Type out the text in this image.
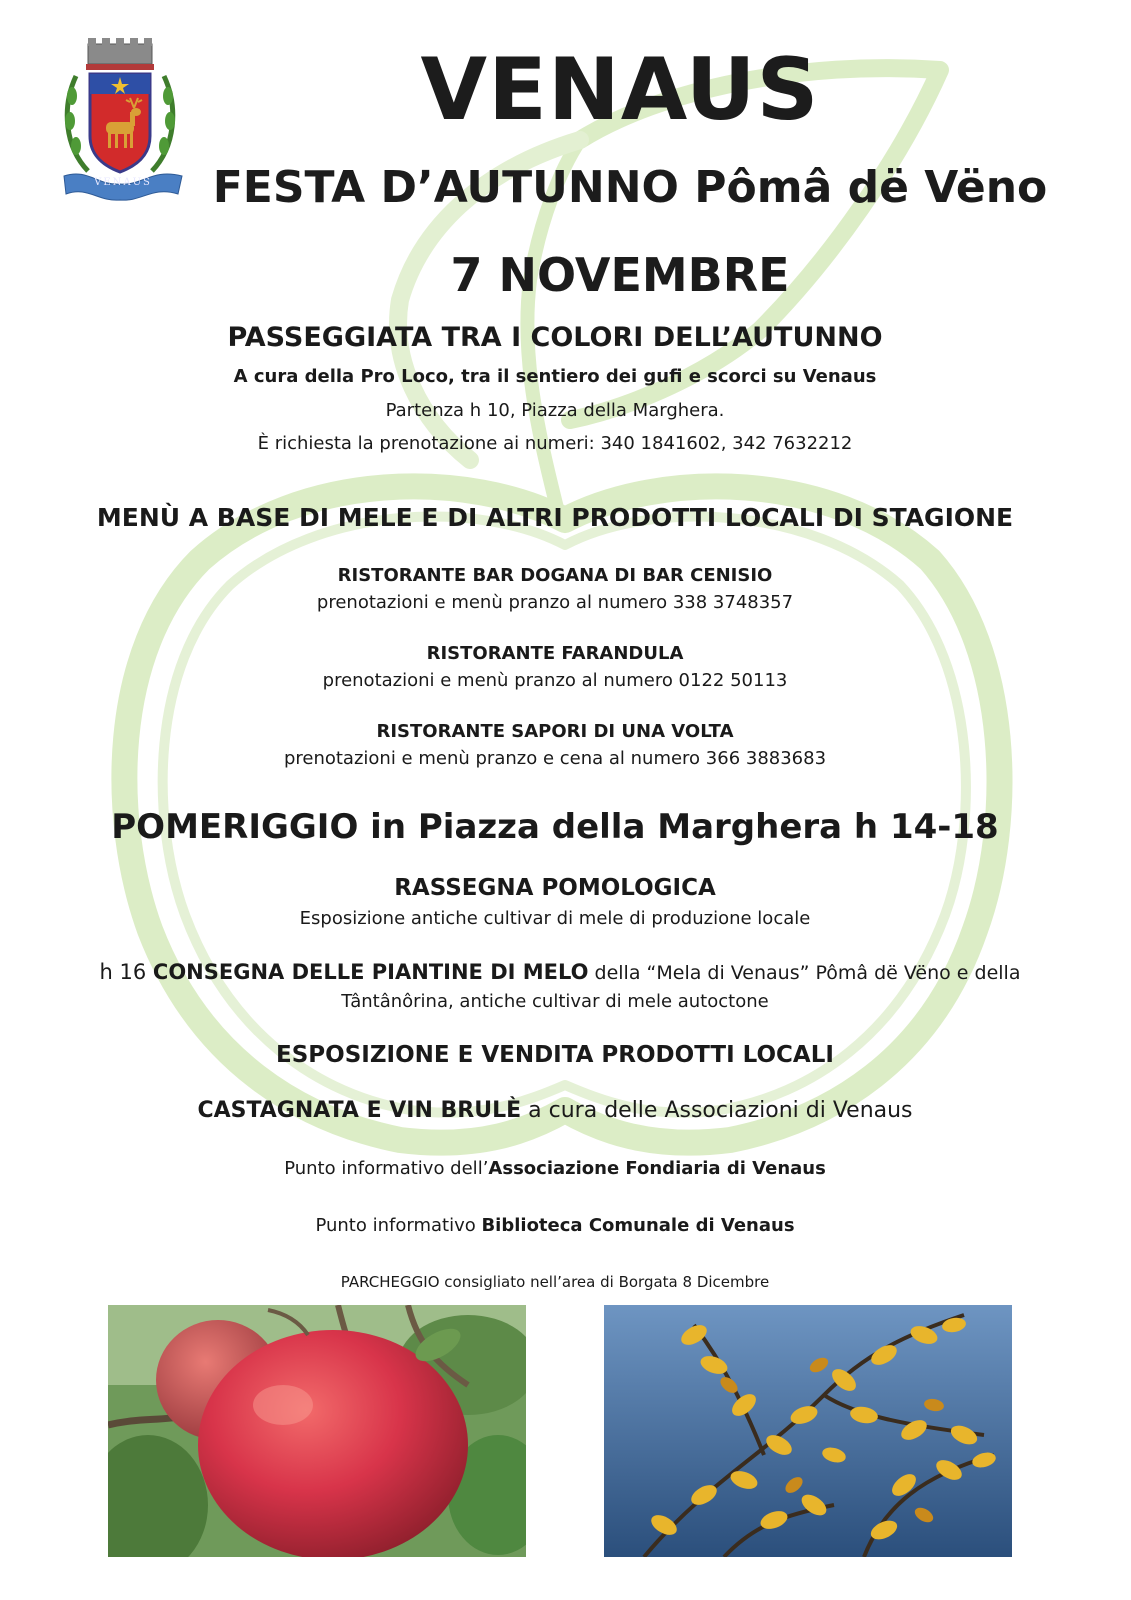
VENAUS
VENAUS
FESTA D’AUTUNNO Pômâ dë Vëno
7 NOVEMBRE
PASSEGGIATA TRA I COLORI DELL’AUTUNNO
A cura della Pro Loco, tra il sentiero dei gufi e scorci su Venaus
Partenza h 10, Piazza della Marghera.
È richiesta la prenotazione ai numeri: 340 1841602, 342 7632212
MENÙ A BASE DI MELE E DI ALTRI PRODOTTI LOCALI DI STAGIONE
RISTORANTE BAR DOGANA DI BAR CENISIO
prenotazioni e menù pranzo al numero 338 3748357
RISTORANTE FARANDULA
prenotazioni e menù pranzo al numero 0122 50113
RISTORANTE SAPORI DI UNA VOLTA
prenotazioni e menù pranzo e cena al numero 366 3883683
POMERIGGIO in Piazza della Marghera h 14-18
RASSEGNA POMOLOGICA
Esposizione antiche cultivar di mele di produzione locale
h 16 CONSEGNA DELLE PIANTINE DI MELO della “Mela di Venaus” Pômâ dë Vëno e della
Tântânôrina, antiche cultivar di mele autoctone
ESPOSIZIONE E VENDITA PRODOTTI LOCALI
CASTAGNATA E VIN BRULÈ a cura delle Associazioni di Venaus
Punto informativo dell’Associazione Fondiaria di Venaus
Punto informativo Biblioteca Comunale di Venaus
PARCHEGGIO consigliato nell’area di Borgata 8 Dicembre
